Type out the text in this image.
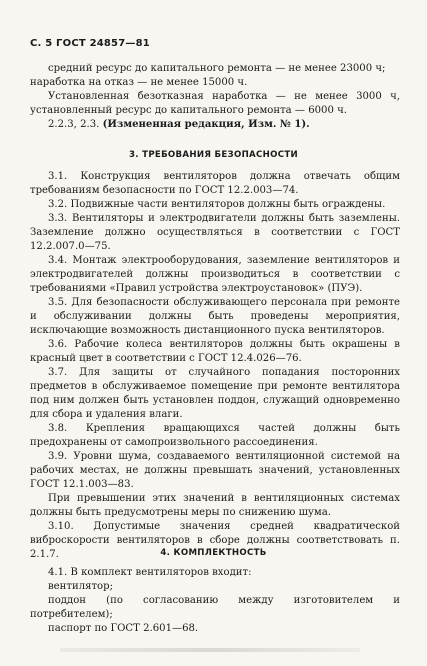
С. 5 ГОСТ 24857—81

средний ресурс до капитального ремонта — не менее 23000 ч;

наработка на отказ — не менее 15000 ч.

Установленная безотказная наработка — не менее 3000 ч, установленный ресурс до капитального ремонта — 6000 ч.

2.2.3, 2.3. (Измененная редакция, Изм. № 1).

3. ТРЕБОВАНИЯ БЕЗОПАСНОСТИ

3.1. Конструкция вентиляторов должна отвечать общим требованиям безопасности по ГОСТ 12.2.003—74.

3.2. Подвижные части вентиляторов должны быть ограждены.

3.3. Вентиляторы и электродвигатели должны быть заземлены. Заземление должно осуществляться в соответствии с ГОСТ 12.2.007.0—75.

3.4. Монтаж электрооборудования, заземление вентиляторов и электродвигателей должны производиться в соответствии с требованиями «Правил устройства электроустановок» (ПУЭ).

3.5. Для безопасности обслуживающего персонала при ремонте и обслуживании должны быть проведены мероприятия, исключающие возможность дистанционного пуска вентиляторов.

3.6. Рабочие колеса вентиляторов должны быть окрашены в красный цвет в соответствии с ГОСТ 12.4.026—76.

3.7. Для защиты от случайного попадания посторонних предметов в обслуживаемое помещение при ремонте вентилятора под ним должен быть установлен поддон, служащий одновременно для сбора и удаления влаги.

3.8. Крепления вращающихся частей должны быть предохранены от самопроизвольного рассоединения.

3.9. Уровни шума, создаваемого вентиляционной системой на рабочих местах, не должны превышать значений, установленных ГОСТ 12.1.003—83.

При превышении этих значений в вентиляционных системах должны быть предусмотрены меры по снижению шума.

3.10. Допустимые значения средней квадратической виброскорости вентиляторов в сборе должны соответствовать п. 2.1.7.	4. КОМПЛЕКТНОСТЬ

4.1. В комплект вентиляторов входит:

вентилятор;

поддон (по согласованию между изготовителем и потребителем);

паспорт по ГОСТ 2.601—68.
